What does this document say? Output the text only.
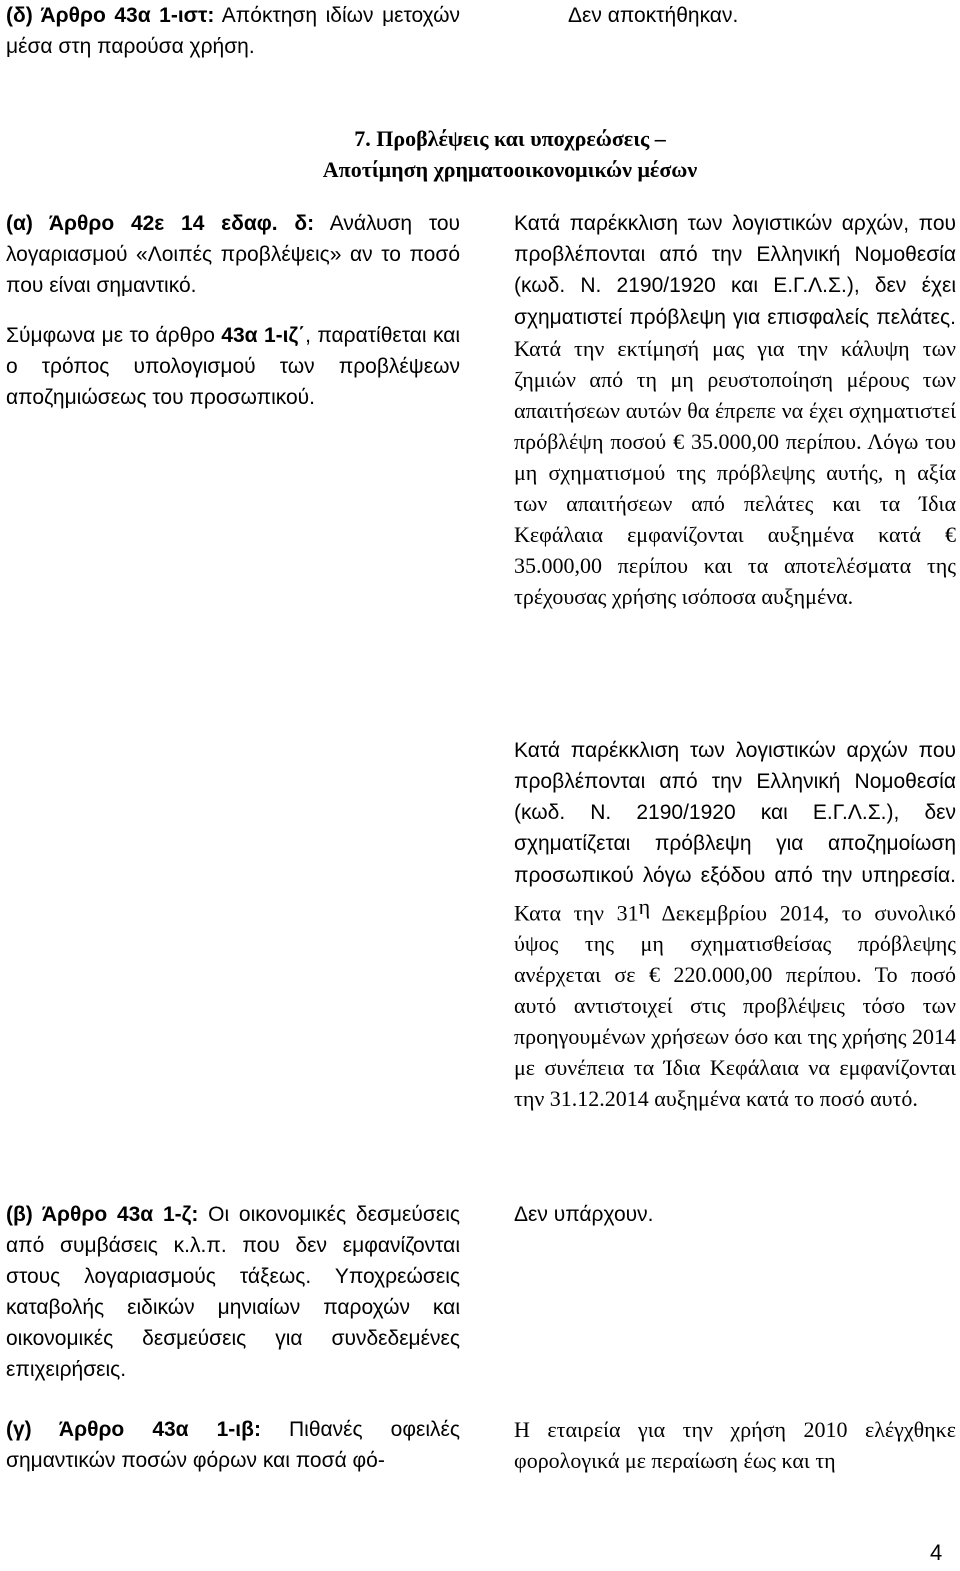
(δ) Άρθρο 43α 1-ιστ: Απόκτηση ιδίων μετοχών μέσα στη παρούσα χρήση.
Δεν αποκτήθηκαν.
7. Προβλέψεις και υποχρεώσεις –
Αποτίμηση χρηματοοικονομικών μέσων
(α) Άρθρο 42ε 14 εδαφ. δ: Ανάλυση του λογαριασμού «Λοιπές προβλέψεις» αν το ποσό που είναι σημαντικό.
Κατά παρέκκλιση των λογιστικών αρχών, που προβλέπονται από την Ελληνική Νομοθεσία (κωδ. Ν. 2190/1920 και Ε.Γ.Λ.Σ.), δεν έχει σχηματιστεί πρόβλεψη για επισφαλείς πελάτες. Κατά την εκτίμησή μας για την κάλυψη των ζημιών από τη μη ρευστοποίηση μέρους των απαιτήσεων αυτών θα έπρεπε να έχει σχηματιστεί πρόβλέψη ποσού € 35.000,00 περίπου. Λόγω του μη σχηματισμού της πρόβλεψης αυτής, η αξία των απαιτήσεων από πελάτες και τα Ίδια Κεφάλαια εμφανίζονται αυξημένα κατά € 35.000,00 περίπου και τα αποτελέσματα της τρέχουσας χρήσης ισόποσα αυξημένα.
Σύμφωνα με το άρθρο 43α 1-ιζ΄, παρατίθεται και ο τρόπος υπολογισμού των προβλέψεων αποζημιώσεως του προσωπικού.
Κατά παρέκκλιση των λογιστικών αρχών που προβλέπονται από την Ελληνική Νομοθεσία (κωδ. Ν. 2190/1920 και Ε.Γ.Λ.Σ.), δεν σχηματίζεται πρόβλεψη για αποζημοίωση προσωπικού λόγω εξόδου από την υπηρεσία. Κατα την $31^\eta$ Δεκεμβρίου 2014, το συνολικό ύψος της μη σχηματισθείσας πρόβλεψης ανέρχεται σε € 220.000,00 περίπου. Το ποσό αυτό αντιστοιχεί στις προβλέψεις τόσο των προηγουμένων χρήσεων όσο και της χρήσης 2014 με συνέπεια τα Ίδια Κεφάλαια να εμφανίζονται την 31.12.2014 αυξημένα κατά το ποσό αυτό.
(β) Άρθρο 43α 1-ζ: Οι οικονομικές δεσμεύσεις από συμβάσεις κ.λ.π. που δεν εμφανίζονται στους λογαριασμούς τάξεως. Υποχρεώσεις καταβολής ειδικών μηνιαίων παροχών και οικονομικές δεσμεύσεις για συνδεδεμένες επιχειρήσεις.
Δεν υπάρχουν.
(γ) Άρθρο 43α 1-ιβ: Πιθανές οφειλές σημαντικών ποσών φόρων και ποσά φό-
Η εταιρεία για την χρήση 2010 ελέγχθηκε φορολογικά με περαίωση έως και τη
4
